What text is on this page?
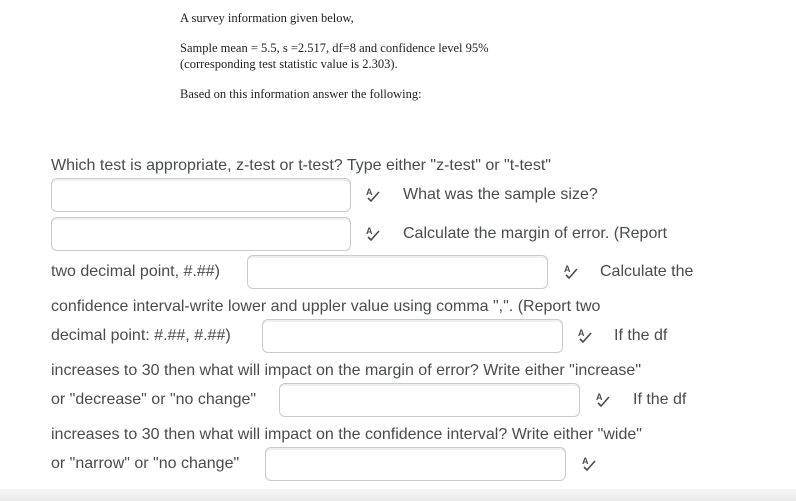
A survey information given below,
Sample mean = 5.5, s =2.517, df=8 and confidence level 95%
(corresponding test statistic value is 2.303).
Based on this information answer the following:
Which test is appropriate, z-test or t-test? Type either "z-test" or "t-test"
A What was the sample size?
A Calculate the margin of error. (Report
two decimal point, #.##)	A Calculate the
confidence interval-write lower and uppler value using comma ",". (Report two
decimal point: #.##, #.##)	A If the df
increases to 30 then what will impact on the margin of error? Write either "increase"
or "decrease" or "no change"	A If the df
increases to 30 then what will impact on the confidence interval? Write either "wide"
or "narrow" or "no change"	A
